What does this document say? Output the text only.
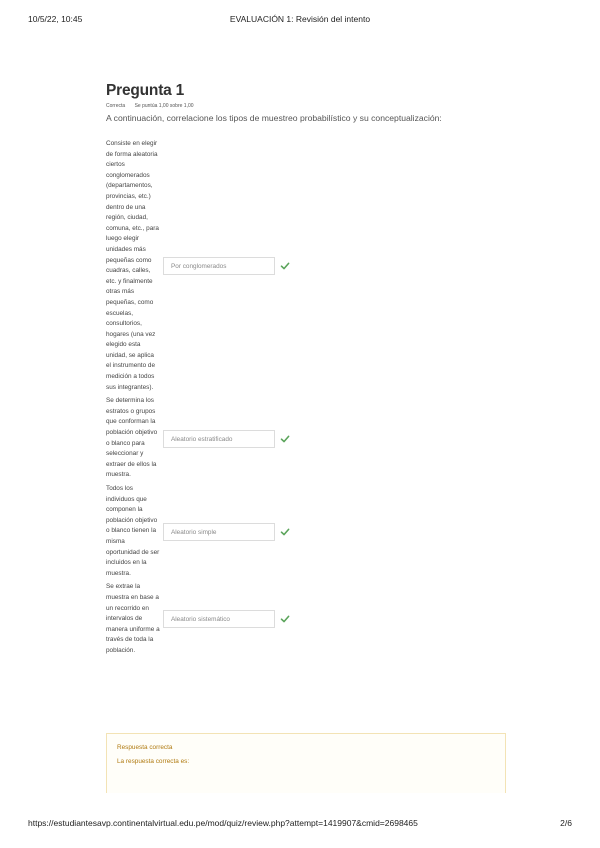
10/5/22, 10:45	EVALUACIÓN 1: Revisión del intento
Pregunta 1
Correcta Se puntúa 1,00 sobre 1,00
A continuación, correlacione los tipos de muestreo probabilístico y su conceptualización:
Consiste en elegir de forma aleatoria ciertos conglomerados (departamentos, provincias, etc.) dentro de una región, ciudad, comuna, etc., para luego elegir unidades más pequeñas como cuadras, calles, etc. y finalmente otras más pequeñas, como escuelas, consultorios, hogares (una vez elegido esta unidad, se aplica el instrumento de medición a todos sus integrantes).
Por conglomerados
Se determina los estratos o grupos que conforman la población objetivo o blanco para seleccionar y extraer de ellos la muestra.
Aleatorio estratificado
Todos los individuos que componen la población objetivo o blanco tienen la misma oportunidad de ser incluidos en la muestra.
Aleatorio simple
Se extrae la muestra en base a un recorrido en intervalos de manera uniforme a través de toda la población.
Aleatorio sistemático
Respuesta correcta
La respuesta correcta es:
https://estudiantesavp.continentalvirtual.edu.pe/mod/quiz/review.php?attempt=1419907&cmid=2698465	2/6
